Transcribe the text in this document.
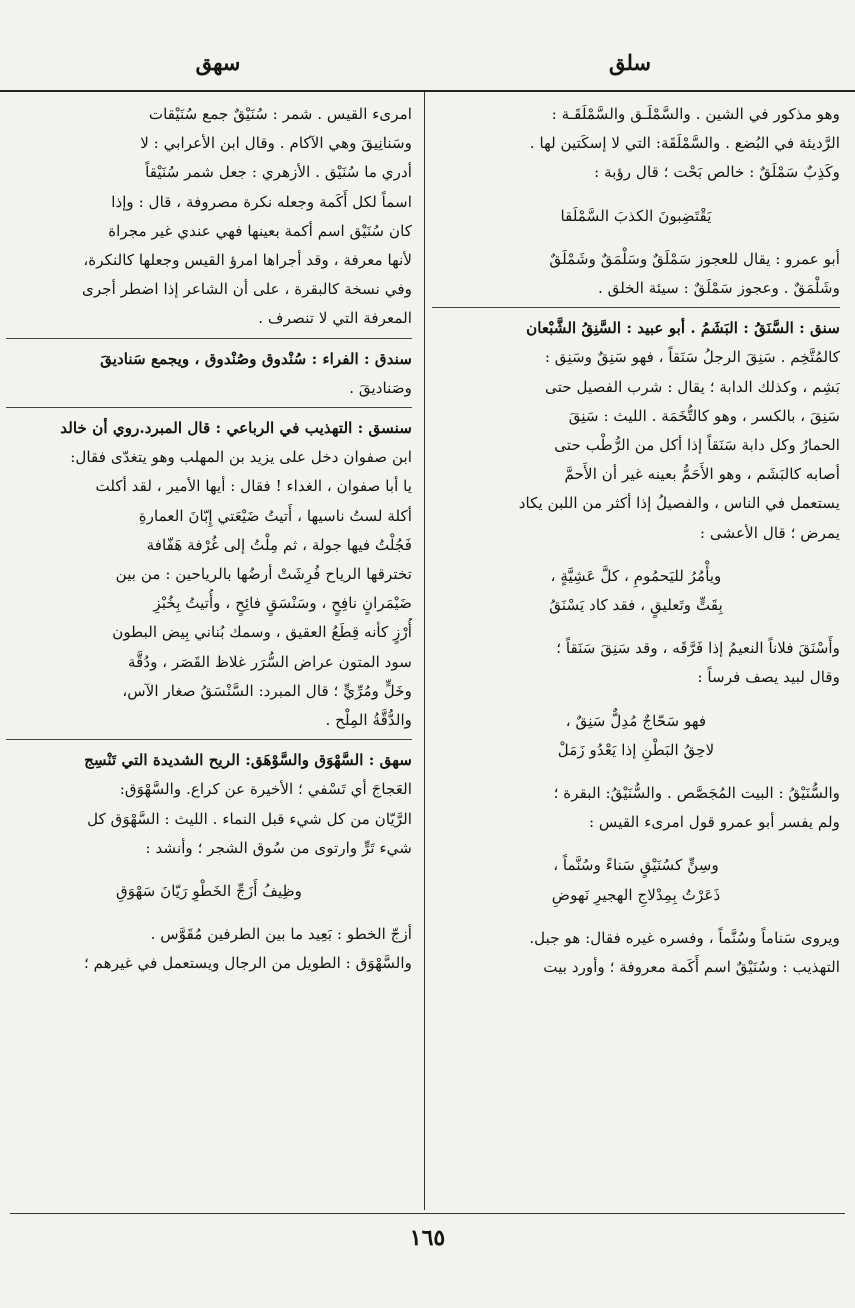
سلق
سهق
وهو مذكور في الشين . والسَّمْلَـق والسَّمْلَقَـة :
الرَّديئة في البُضع . والسَّمْلَقَة: التي لا إسكَتين لها .
وكَذِبٌ سَمْلَقٌ : خالص بَحْت ؛ قال رؤبة :
يَقْتَضِبونَ الكذبَ السَّمْلَقا
أبو عمرو : يقال للعجوز سَمْلَقٌ وسَلْمَقٌ وشَمْلَقٌ
وشَلْمَقٌ . وعجوز سَمْلَقٌ : سيئة الخلق .
سنق : السَّنَقُ : البَشَمُ . أبو عبيد : السَّنِقُ الشَّبْعان
كالمُتَّخِم . سَنِقَ الرجلُ سَنَقاً ، فهو سَنِقٌ وسَنِق :
بَشِم ، وكذلك الدابة ؛ يقال : شرب الفصيل حتى
سَنِقَ ، بالكسر ، وهو كالتُّخَمَة . الليث : سَنِقَ
الحمارُ وكل دابة سَنَقاً إذا أكل من الرُّطْب حتى
أصابه كالبَشَم ، وهو الأَحَمُّ بعينه غير أن الأَحمَّ
يستعمل في الناس ، والفصيلُ إذا أكثر من اللبن يكاد
يمرض ؛ قال الأعشى :
ويأْمُرُ لليَحمُومِ ، كلَّ عَشِيَّةٍ ،
بِقَتٍّ وتَعليقٍ ، فقد كاد يَسْنَقُ
وأَسْنَقَ فلاناً النعيمُ إذا فَرَّقَه ، وقد سَنِقَ سَنَقاً ؛
وقال لبيد يصف فرساً :
فهو سَحّاجٌ مُدِلٌّ سَنِقٌ ،
لاحِقُ البَطْنِ إذا يَعْدُو زَمَلْ
والسُّنَيْقُ : البيت المُجَصَّص . والسُّنَيْقُ: البقرة ؛
ولم يفسر أبو عمرو قول امرىء القيس :
وسِنٍّ كسُنَيْقٍ سَناءً وسُنَّماً ،
ذَعَرْتُ بِمِدْلاجِ الهجيرِ نَهوضِ
ويروى سَناماً وسُنَّماً ، وفسره غيره فقال: هو جبل.
التهذيب : وسُنَيْقٌ اسم أَكَمة معروفة ؛ وأورد بيت
امرىء القيس . شمر : سُنَيْقٌ جمع سُنَيْقات
وسَنانِيقَ وهي الآكام . وقال ابن الأعرابي : لا
أدري ما سُنَيْق . الأزهري : جعل شمر سُنَيْقاً
اسماً لكل أَكَمة وجعله نكرة مصروفة ، قال : وإذا
كان سُنَيْق اسم أكمة بعينها فهي عندي غير مجراة
لأنها معرفة ، وقد أجراها امرؤ القيس وجعلها كالنكرة،
وفي نسخة كالبقرة ، على أن الشاعر إذا اضطر أجرى
المعرفة التي لا تنصرف .
سندق : الفراء : سُنْدوق وصُنْدوق ، ويجمع سَناديقَ
وصَناديقَ .
سنسق : التهذيب في الرباعي : قال المبرد.روي أن خالد
ابن صفوان دخل على يزيد بن المهلب وهو يتغدّى فقال:
يا أبا صفوان ، الغداء ! فقال : أيها الأمير ، لقد أكلت
أكلة لستُ ناسيها ، أَتيتُ ضَيْعَتي إِبّانَ العمارةِ
فَجُلْتُ فيها جولة ، ثم مِلْتُ إلى غُرْفة هَفّافة
تخترقها الرياح فُرِشَتْ أرضُها بالرياحين : من بين
ضَيْمَرانٍ نافِحٍ ، وسَنْسَقٍ فائِحٍ ، وأُتيتُ بِخُبْزِ
أُرْزٍ كأنه قِطَعُ العقيق ، وسمك بُناني بِيض البطون
سود المتون عراض السُّرَر غلاظ القَصَر ، ودُقَّة
وخَلٍّ ومُرِّيٍّ ؛ قال المبرد: السَّنْسَقُ صغار الآس،
والدُّقَّةُ المِلْح .
سهق : السَّهْوَق والسَّوْهَق: الريح الشديدة التي تَنْسِج
العَجاجَ أي تَسْفي ؛ الأخيرة عن كراع. والسَّهْوَق:
الرَّيّان من كل شيء قبل النماء . الليث : السَّهْوَق كل
شيء تَرٍّ وارتوى من سُوق الشجر ؛ وأنشد :
وظِيفُ أَزَجِّ الخَطْوِ رَيّانَ سَهْوَقِ
أزجّ الخطو : بَعِيد ما بين الطرفين مُقَوَّس .
والسَّهْوَق : الطويل من الرجال ويستعمل في غيرهم ؛
١٦٥
